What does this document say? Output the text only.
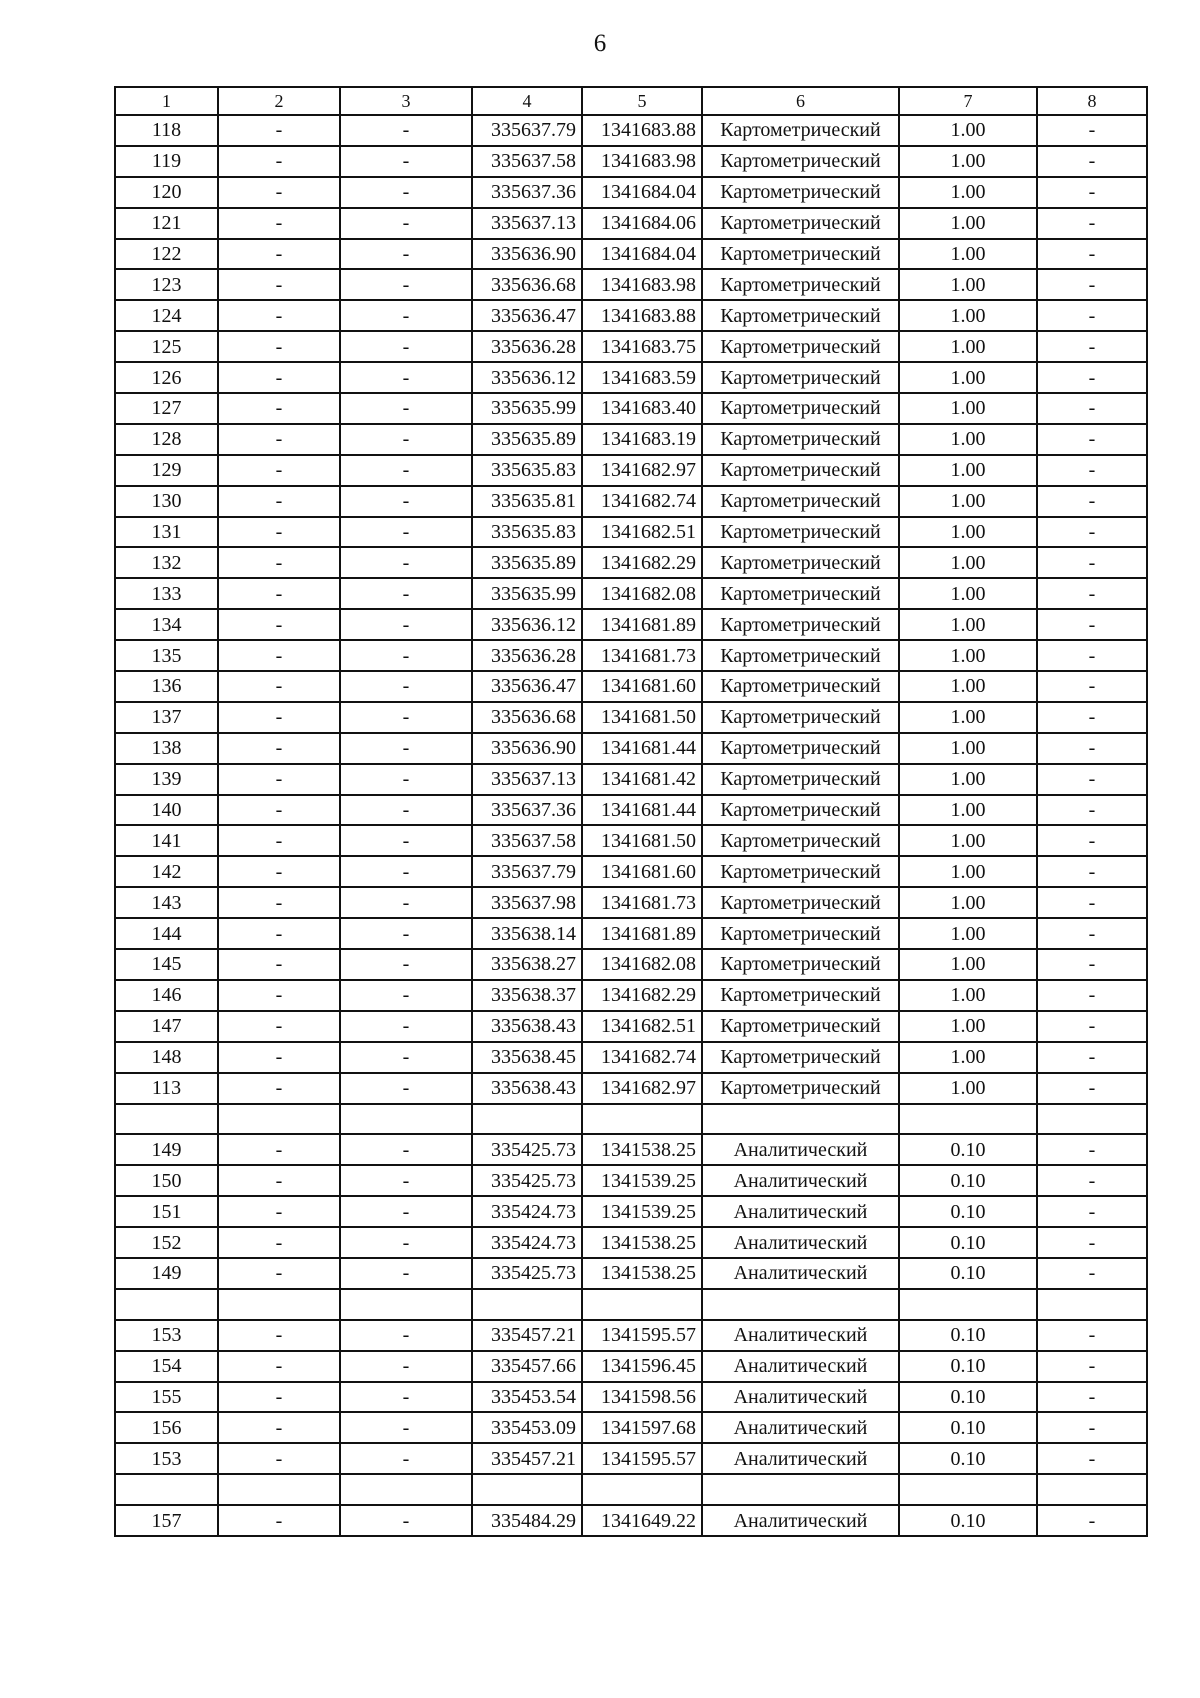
6
1	2	3	4	5	6	7	8
118	-	-	335637.79	1341683.88	Картометрический	1.00	-
119	-	-	335637.58	1341683.98	Картометрический	1.00	-
120	-	-	335637.36	1341684.04	Картометрический	1.00	-
121	-	-	335637.13	1341684.06	Картометрический	1.00	-
122	-	-	335636.90	1341684.04	Картометрический	1.00	-
123	-	-	335636.68	1341683.98	Картометрический	1.00	-
124	-	-	335636.47	1341683.88	Картометрический	1.00	-
125	-	-	335636.28	1341683.75	Картометрический	1.00	-
126	-	-	335636.12	1341683.59	Картометрический	1.00	-
127	-	-	335635.99	1341683.40	Картометрический	1.00	-
128	-	-	335635.89	1341683.19	Картометрический	1.00	-
129	-	-	335635.83	1341682.97	Картометрический	1.00	-
130	-	-	335635.81	1341682.74	Картометрический	1.00	-
131	-	-	335635.83	1341682.51	Картометрический	1.00	-
132	-	-	335635.89	1341682.29	Картометрический	1.00	-
133	-	-	335635.99	1341682.08	Картометрический	1.00	-
134	-	-	335636.12	1341681.89	Картометрический	1.00	-
135	-	-	335636.28	1341681.73	Картометрический	1.00	-
136	-	-	335636.47	1341681.60	Картометрический	1.00	-
137	-	-	335636.68	1341681.50	Картометрический	1.00	-
138	-	-	335636.90	1341681.44	Картометрический	1.00	-
139	-	-	335637.13	1341681.42	Картометрический	1.00	-
140	-	-	335637.36	1341681.44	Картометрический	1.00	-
141	-	-	335637.58	1341681.50	Картометрический	1.00	-
142	-	-	335637.79	1341681.60	Картометрический	1.00	-
143	-	-	335637.98	1341681.73	Картометрический	1.00	-
144	-	-	335638.14	1341681.89	Картометрический	1.00	-
145	-	-	335638.27	1341682.08	Картометрический	1.00	-
146	-	-	335638.37	1341682.29	Картометрический	1.00	-
147	-	-	335638.43	1341682.51	Картометрический	1.00	-
148	-	-	335638.45	1341682.74	Картометрический	1.00	-
113	-	-	335638.43	1341682.97	Картометрический	1.00	-

149	-	-	335425.73	1341538.25	Аналитический	0.10	-
150	-	-	335425.73	1341539.25	Аналитический	0.10	-
151	-	-	335424.73	1341539.25	Аналитический	0.10	-
152	-	-	335424.73	1341538.25	Аналитический	0.10	-
149	-	-	335425.73	1341538.25	Аналитический	0.10	-

153	-	-	335457.21	1341595.57	Аналитический	0.10	-
154	-	-	335457.66	1341596.45	Аналитический	0.10	-
155	-	-	335453.54	1341598.56	Аналитический	0.10	-
156	-	-	335453.09	1341597.68	Аналитический	0.10	-
153	-	-	335457.21	1341595.57	Аналитический	0.10	-

157	-	-	335484.29	1341649.22	Аналитический	0.10	-
